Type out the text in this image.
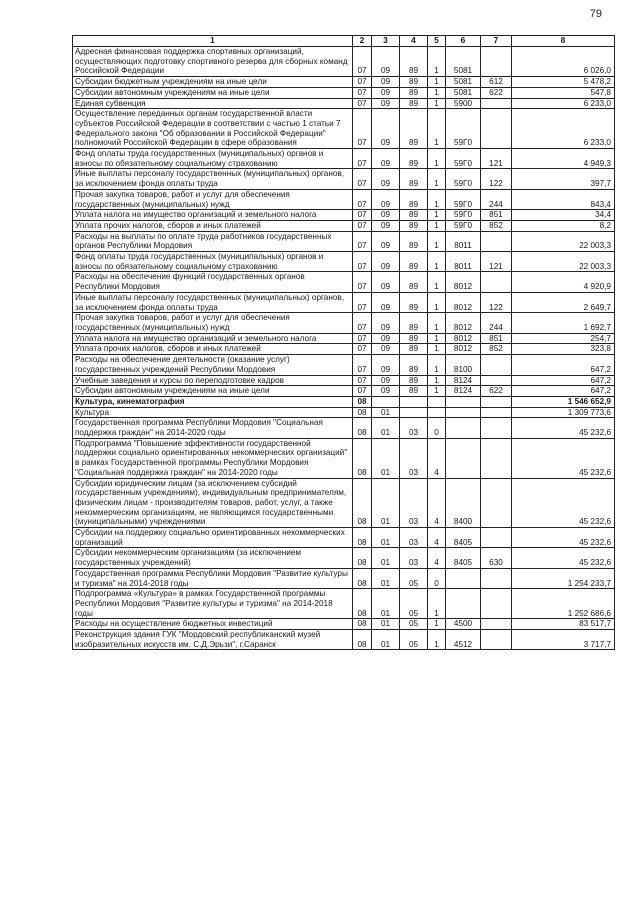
79
1	2	3	4	5	6	7	8
Адресная финансовая поддержка спортивных организаций, осуществляющих подготовку спортивного резерва для сборных команд Российской Федерации	07	09	89	1	5081		6 026,0
Субсидии бюджетным учреждениям на иные цели	07	09	89	1	5081	612	5 478,2
Субсидии автономным учреждениям на иные цели	07	09	89	1	5081	622	547,8
Единая субвенция	07	09	89	1	5900		6 233,0
Осуществление переданных органам государственной власти субъектов Российской Федерации в соответствии с частью 1 статьи 7 Федерального закона "Об образовании в Российской Федерации" полномочий Российской Федерации в сфере образования	07	09	89	1	59Г0		6 233,0
Фонд оплаты труда государственных (муниципальных) органов и взносы по обязательному социальному страхованию	07	09	89	1	59Г0	121	4 949,3
Иные выплаты персоналу государственных (муниципальных) органов, за исключением фонда оплаты труда	07	09	89	1	59Г0	122	397,7
Прочая закупка товаров, работ и услуг для обеспечения государственных (муниципальных) нужд	07	09	89	1	59Г0	244	843,4
Уплата налога на имущество организаций и земельного налога	07	09	89	1	59Г0	851	34,4
Уплата прочих налогов, сборов и иных платежей	07	09	89	1	59Г0	852	8,2
Расходы на выплаты по оплате труда работников государственных органов Республики Мордовия	07	09	89	1	8011		22 003,3
Фонд оплаты труда государственных (муниципальных) органов и взносы по обязательному социальному страхованию	07	09	89	1	8011	121	22 003,3
Расходы на обеспечение функций государственных органов Республики Мордовия	07	09	89	1	8012		4 920,9
Иные выплаты персоналу государственных (муниципальных) органов, за исключением фонда оплаты труда	07	09	89	1	8012	122	2 649,7
Прочая закупка товаров, работ и услуг для обеспечения государственных (муниципальных) нужд	07	09	89	1	8012	244	1 692,7
Уплата налога на имущество организаций и земельного налога	07	09	89	1	8012	851	254,7
Уплата прочих налогов, сборов и иных платежей	07	09	89	1	8012	852	323,8
Расходы на обеспечение деятельности (оказание услуг) государственных учреждений Республики Мордовия	07	09	89	1	8100		647,2
Учебные заведения и курсы по переподготовке кадров	07	09	89	1	8124		647,2
Субсидии автономным учреждениям на иные цели	07	09	89	1	8124	622	647,2
Культура, кинематография	08						1 546 652,9
Культура	08	01					1 309 773,6
Государственная программа Республики Мордовия "Социальная поддержка граждан" на 2014-2020 годы	08	01	03	0			45 232,6
Подпрограмма "Повышение эффективности государственной поддержки социально ориентированных некоммерческих организаций" в рамках Государственной программы Республики Мордовия "Социальная поддержка граждан" на 2014-2020 годы	08	01	03	4			45 232,6
Субсидии юридическим лицам (за исключением субсидий государственным учреждениям), индивидуальным предпринимателям, физическим лицам - производителям товаров, работ, услуг, а также некоммерческим организациям, не являющимся государственными (муниципальными) учреждениями	08	01	03	4	8400		45 232,6
Субсидии на поддержку социально ориентированных некоммерческих организаций	08	01	03	4	8405		45 232,6
Субсидии некоммерческим организациям (за исключением государственных учреждений)	08	01	03	4	8405	630	45 232,6
Государственная программа Республики Мордовия "Развитие культуры и туризма" на 2014-2018 годы	08	01	05	0			1 254 233,7
Подпрограмма «Культура» в рамках Государственной программы Республики Мордовия "Развитие культуры и туризма" на 2014-2018 годы	08	01	05	1			1 252 686,6
Расходы на осуществление бюджетных инвестиций	08	01	05	1	4500		83 517,7
Реконструкция здания ГУК "Мордовский республиканский музей изобразительных искусств им. С.Д.Эрьзи", г.Саранск	08	01	05	1	4512		3 717,7
